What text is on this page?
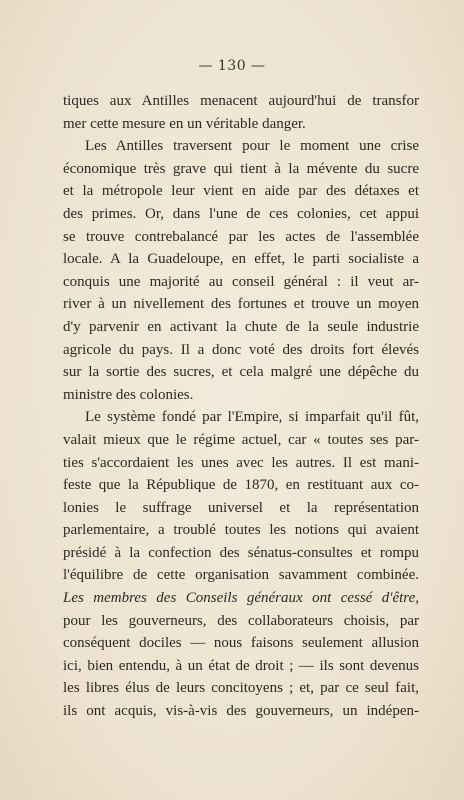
— 130 —
tiques aux Antilles menacent aujourd'hui de transfor
mer cette mesure en un véritable danger.
Les Antilles traversent pour le moment une crise
économique très grave qui tient à la mévente du sucre
et la métropole leur vient en aide par des détaxes et
des primes. Or, dans l'une de ces colonies, cet appui
se trouve contrebalancé par les actes de l'assemblée
locale. A la Guadeloupe, en effet, le parti socialiste a
conquis une majorité au conseil général : il veut ar-
river à un nivellement des fortunes et trouve un moyen
d'y parvenir en activant la chute de la seule industrie
agricole du pays. Il a donc voté des droits fort élevés
sur la sortie des sucres, et cela malgré une dépêche du
ministre des colonies.
Le système fondé par l'Empire, si imparfait qu'il fût,
valait mieux que le régime actuel, car « toutes ses par-
ties s'accordaient les unes avec les autres. Il est mani-
feste que la République de 1870, en restituant aux co-
lonies le suffrage universel et la représentation
parlementaire, a troublé toutes les notions qui avaient
présidé à la confection des sénatus-consultes et rompu
l'équilibre de cette organisation savamment combinée.
Les membres des Conseils généraux ont cessé d'être,
pour les gouverneurs, des collaborateurs choisis, par
conséquent dociles — nous faisons seulement allusion
ici, bien entendu, à un état de droit ; — ils sont devenus
les libres élus de leurs concitoyens ; et, par ce seul fait,
ils ont acquis, vis-à-vis des gouverneurs, un indépen-
